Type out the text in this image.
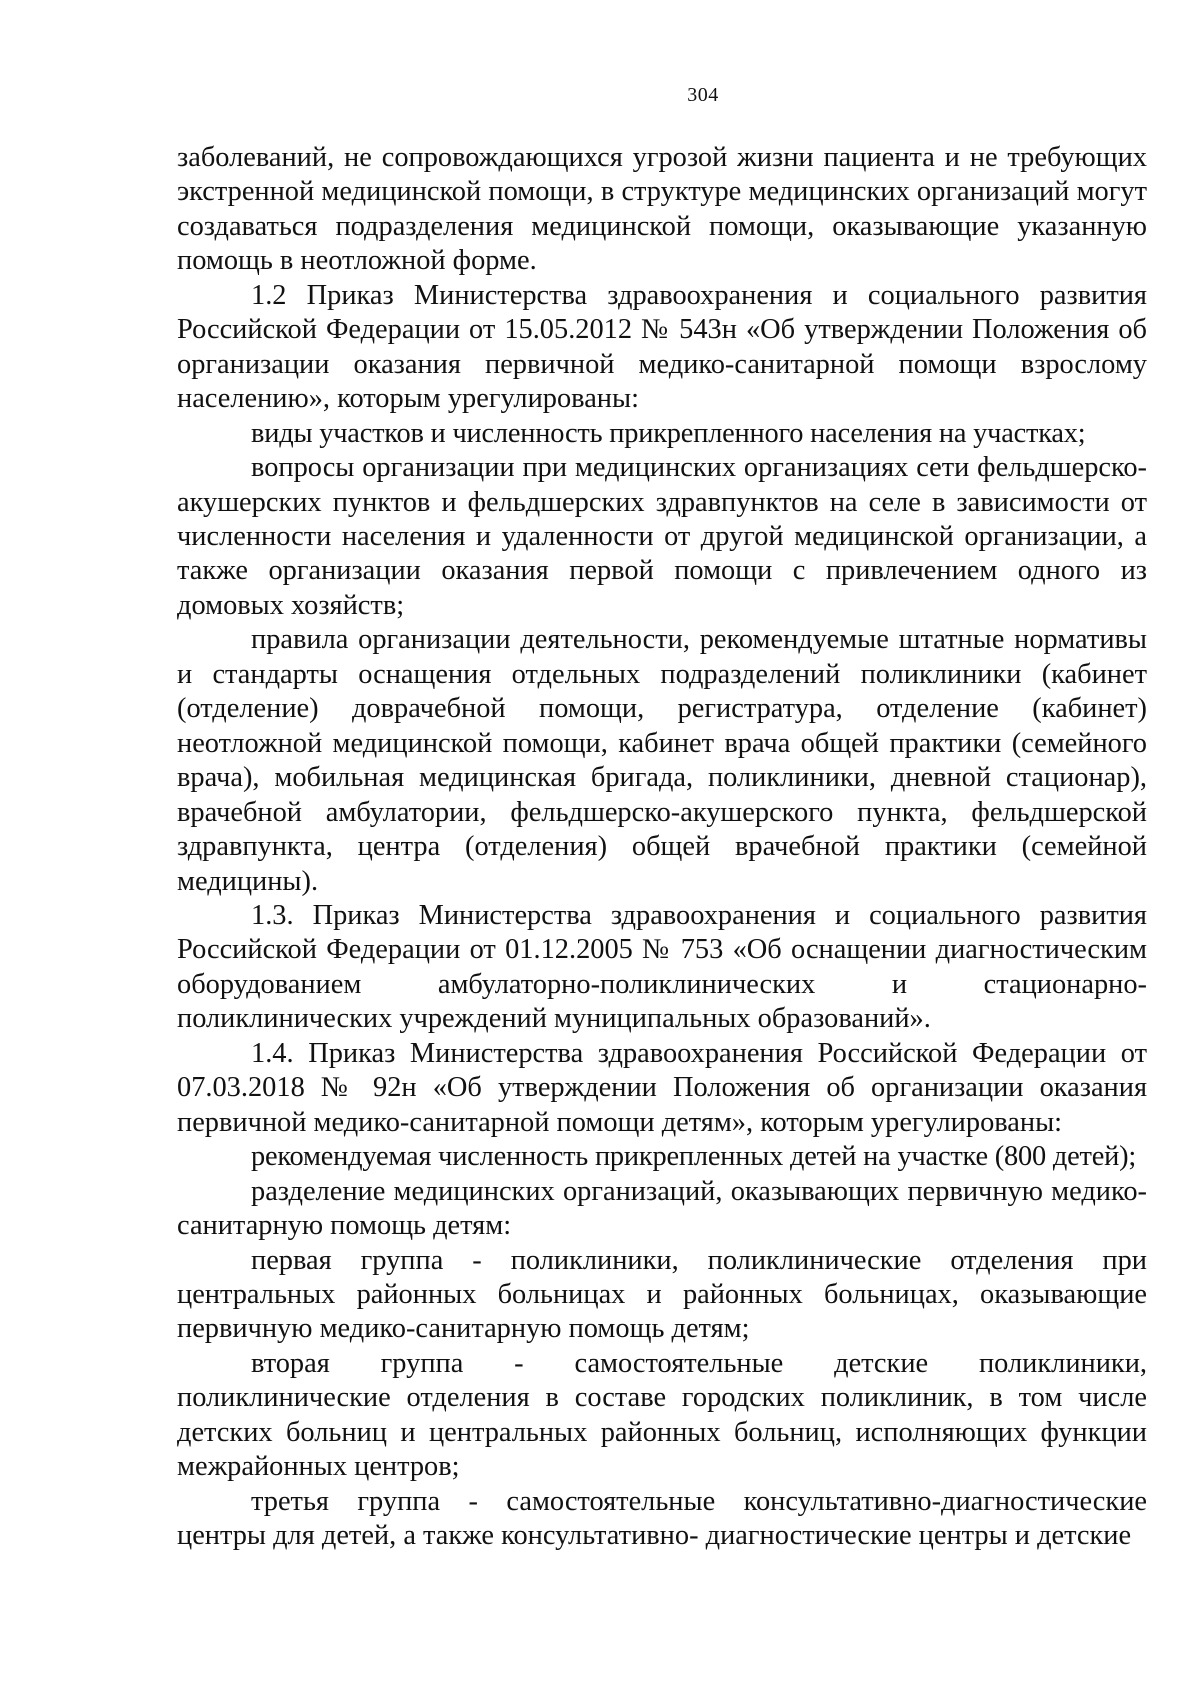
304

заболеваний, не сопровождающихся угрозой жизни пациента и не требующих экстренной медицинской помощи, в структуре медицинских организаций могут создаваться подразделения медицинской помощи, оказывающие указанную помощь в неотложной форме.

1.2 Приказ Министерства здравоохранения и социального развития Российской Федерации от 15.05.2012 № 543н «Об утверждении Положения об организации оказания первичной медико-санитарной помощи взрослому населению», которым урегулированы:

виды участков и численность прикрепленного населения на участках;

вопросы организации при медицинских организациях сети фельдшерско-акушерских пунктов и фельдшерских здравпунктов на селе в зависимости от численности населения и удаленности от другой медицинской организации, а также организации оказания первой помощи с привлечением одного из домовых хозяйств;

правила организации деятельности, рекомендуемые штатные нормативы и стандарты оснащения отдельных подразделений поликлиники (кабинет (отделение) доврачебной помощи, регистратура, отделение (кабинет) неотложной медицинской помощи, кабинет врача общей практики (семейного врача), мобильная медицинская бригада, поликлиники, дневной стационар), врачебной амбулатории, фельдшерско-акушерского пункта, фельдшерской здравпункта, центра (отделения) общей врачебной практики (семейной медицины).

1.3. Приказ Министерства здравоохранения и социального развития Российской Федерации от 01.12.2005 № 753 «Об оснащении диагностическим оборудованием амбулаторно-поликлинических и стационарно-поликлинических учреждений муниципальных образований».

1.4. Приказ Министерства здравоохранения Российской Федерации от 07.03.2018 № 92н «Об утверждении Положения об организации оказания первичной медико-санитарной помощи детям», которым урегулированы:

рекомендуемая численность прикрепленных детей на участке (800 детей);

разделение медицинских организаций, оказывающих первичную медико-санитарную помощь детям:

первая группа - поликлиники, поликлинические отделения при центральных районных больницах и районных больницах, оказывающие первичную медико-санитарную помощь детям;

вторая группа - самостоятельные детские поликлиники, поликлинические отделения в составе городских поликлиник, в том числе детских больниц и центральных районных больниц, исполняющих функции межрайонных центров;

третья группа - самостоятельные консультативно-диагностические центры для детей, а также консультативно- диагностические центры и детские
